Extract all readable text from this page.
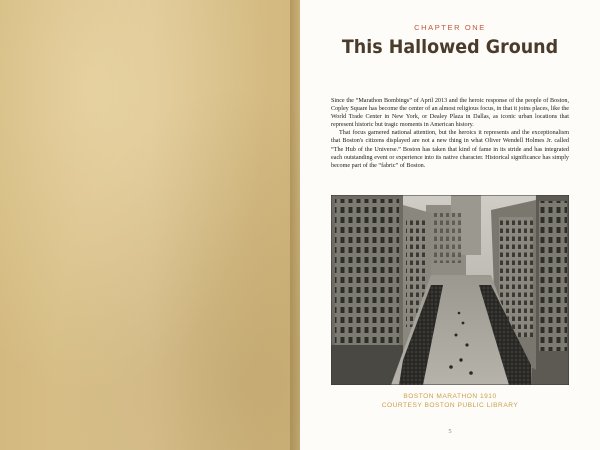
CHAPTER ONE
This Hallowed Ground

Since the “Marathon Bombings” of April 2013 and the heroic response of the people of Boston, Copley Square has become the center of an almost religious focus, in that it joins places, like the World Trade Center in New York, or Dealey Plaza in Dallas, as iconic urban locations that represent historic but tragic moments in American history.

That focus garnered national attention, but the heroics it represents and the exceptionalism that Boston's citizens displayed are not a new thing in what Oliver Wendell Holmes Jr. called “The Hub of the Universe.” Boston has taken that kind of fame in its stride and has integrated each outstanding event or experience into its native character. Historical significance has simply become part of the “fabric” of Boston.

BOSTON MARATHON 1910
COURTESY BOSTON PUBLIC LIBRARY
5
